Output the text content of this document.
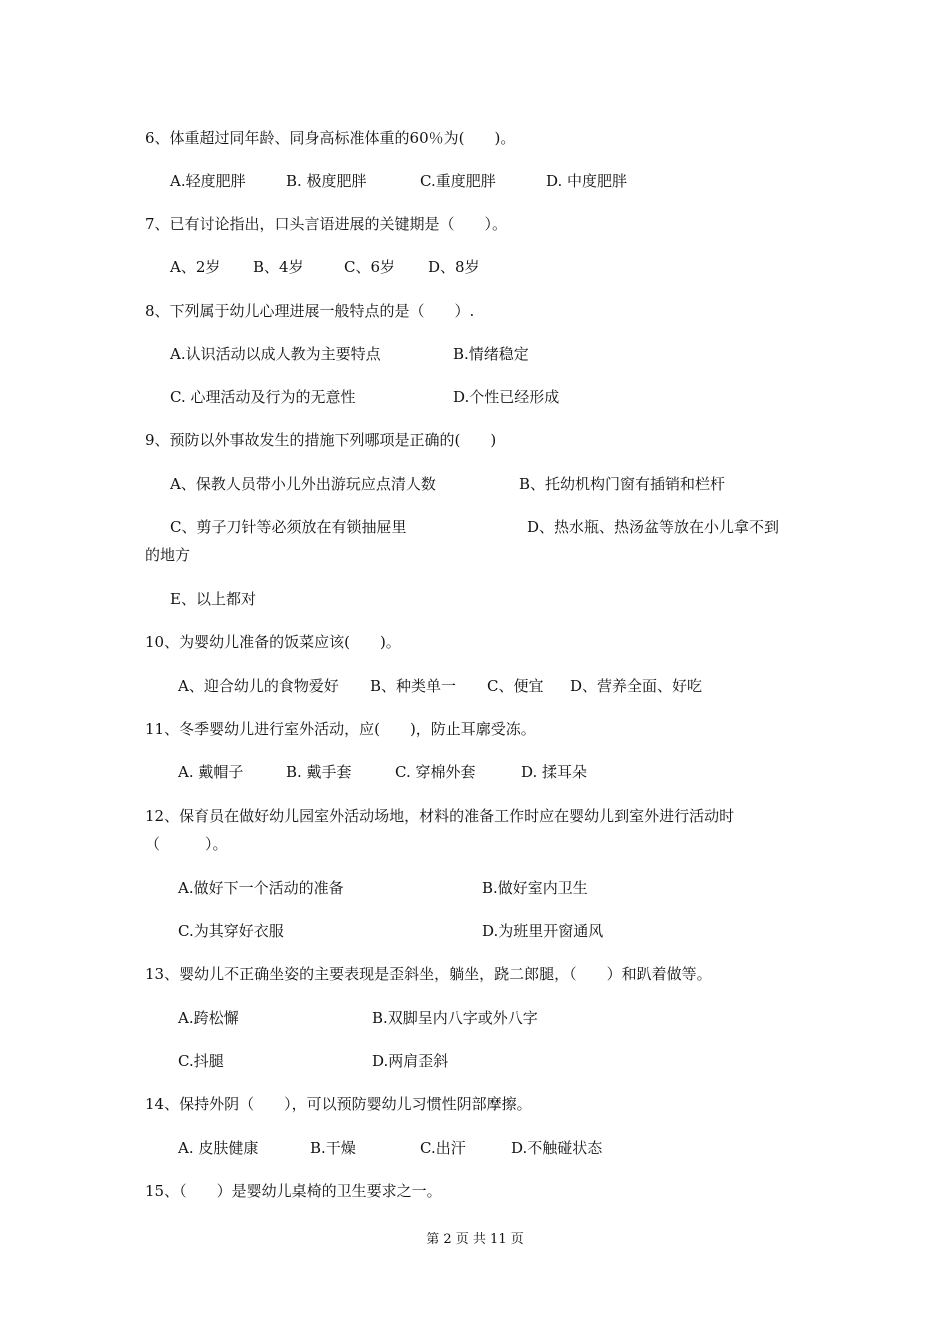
6、体重超过同年龄、同身高标准体重的60％为(　　)。
A.轻度肥胖	B. 极度肥胖	C.重度肥胖	D. 中度肥胖
7、已有讨论指出，口头言语进展的关键期是（　　）。
A、2岁 B、4岁	C、6岁 D、8岁
8、下列属于幼儿心理进展一般特点的是（　　）.
A.认识活动以成人教为主要特点	B.情绪稳定
C. 心理活动及行为的无意性	D.个性已经形成
9、预防以外事故发生的措施下列哪项是正确的(　　)
A、保教人员带小儿外出游玩应点清人数	B、托幼机构门窗有插销和栏杆
C、剪子刀针等必须放在有锁抽屉里	D、热水瓶、热汤盆等放在小儿拿不到
的地方
E、以上都对
10、为婴幼儿准备的饭菜应该(　　)。
A、迎合幼儿的食物爱好 B、种类单一 C、便宜 D、营养全面、好吃
11、冬季婴幼儿进行室外活动，应(　　)，防止耳廓受冻。
A. 戴帽子	B. 戴手套	C. 穿棉外套	D. 揉耳朵
12、保育员在做好幼儿园室外活动场地，材料的准备工作时应在婴幼儿到室外进行活动时
（　　　）。
A.做好下一个活动的准备	B.做好室内卫生
C.为其穿好衣服	D.为班里开窗通风
13、婴幼儿不正确坐姿的主要表现是歪斜坐，躺坐，跷二郎腿，（　　）和趴着做等。
A.跨松懈	B.双脚呈内八字或外八字
C.抖腿	D.两肩歪斜
14、保持外阴（　　），可以预防婴幼儿习惯性阴部摩擦。
A. 皮肤健康	B.干燥	C.出汗	D.不触碰状态
15、（　　）是婴幼儿桌椅的卫生要求之一。
第 2 页 共 11 页
